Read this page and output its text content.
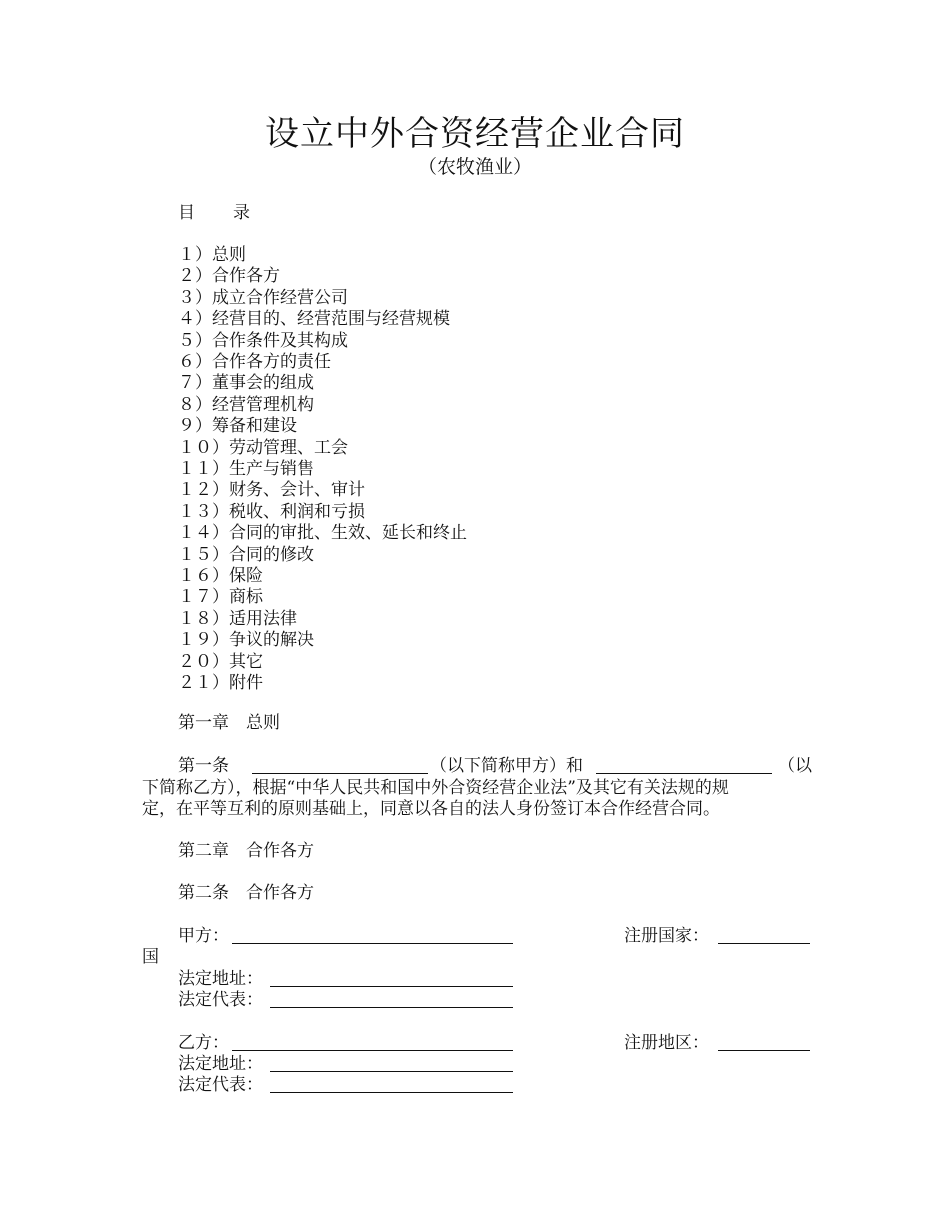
设立中外合资经营企业合同
（农牧渔业）
目 录
１）总则
２）合作各方
３）成立合作经营公司
４）经营目的、经营范围与经营规模
５）合作条件及其构成
６）合作各方的责任
７）董事会的组成
８）经营管理机构
９）筹备和建设
１０）劳动管理、工会
１１）生产与销售
１２）财务、会计、审计
１３）税收、利润和亏损
１４）合同的审批、生效、延长和终止
１５）合同的修改
１６）保险
１７）商标
１８）适用法律
１９）争议的解决
２０）其它
２１）附件
第一章　总则
第一条	（以下简称甲方）和	（以
下简称乙方），根据“中华人民共和国中外合资经营企业法”及其它有关法规的规
定，在平等互利的原则基础上，同意以各自的法人身份签订本合作经营合同。
第二章　合作各方
第二条　合作各方
甲方：	注册国家：
国
法定地址：
法定代表：
乙方：	注册地区：
法定地址：
法定代表：
